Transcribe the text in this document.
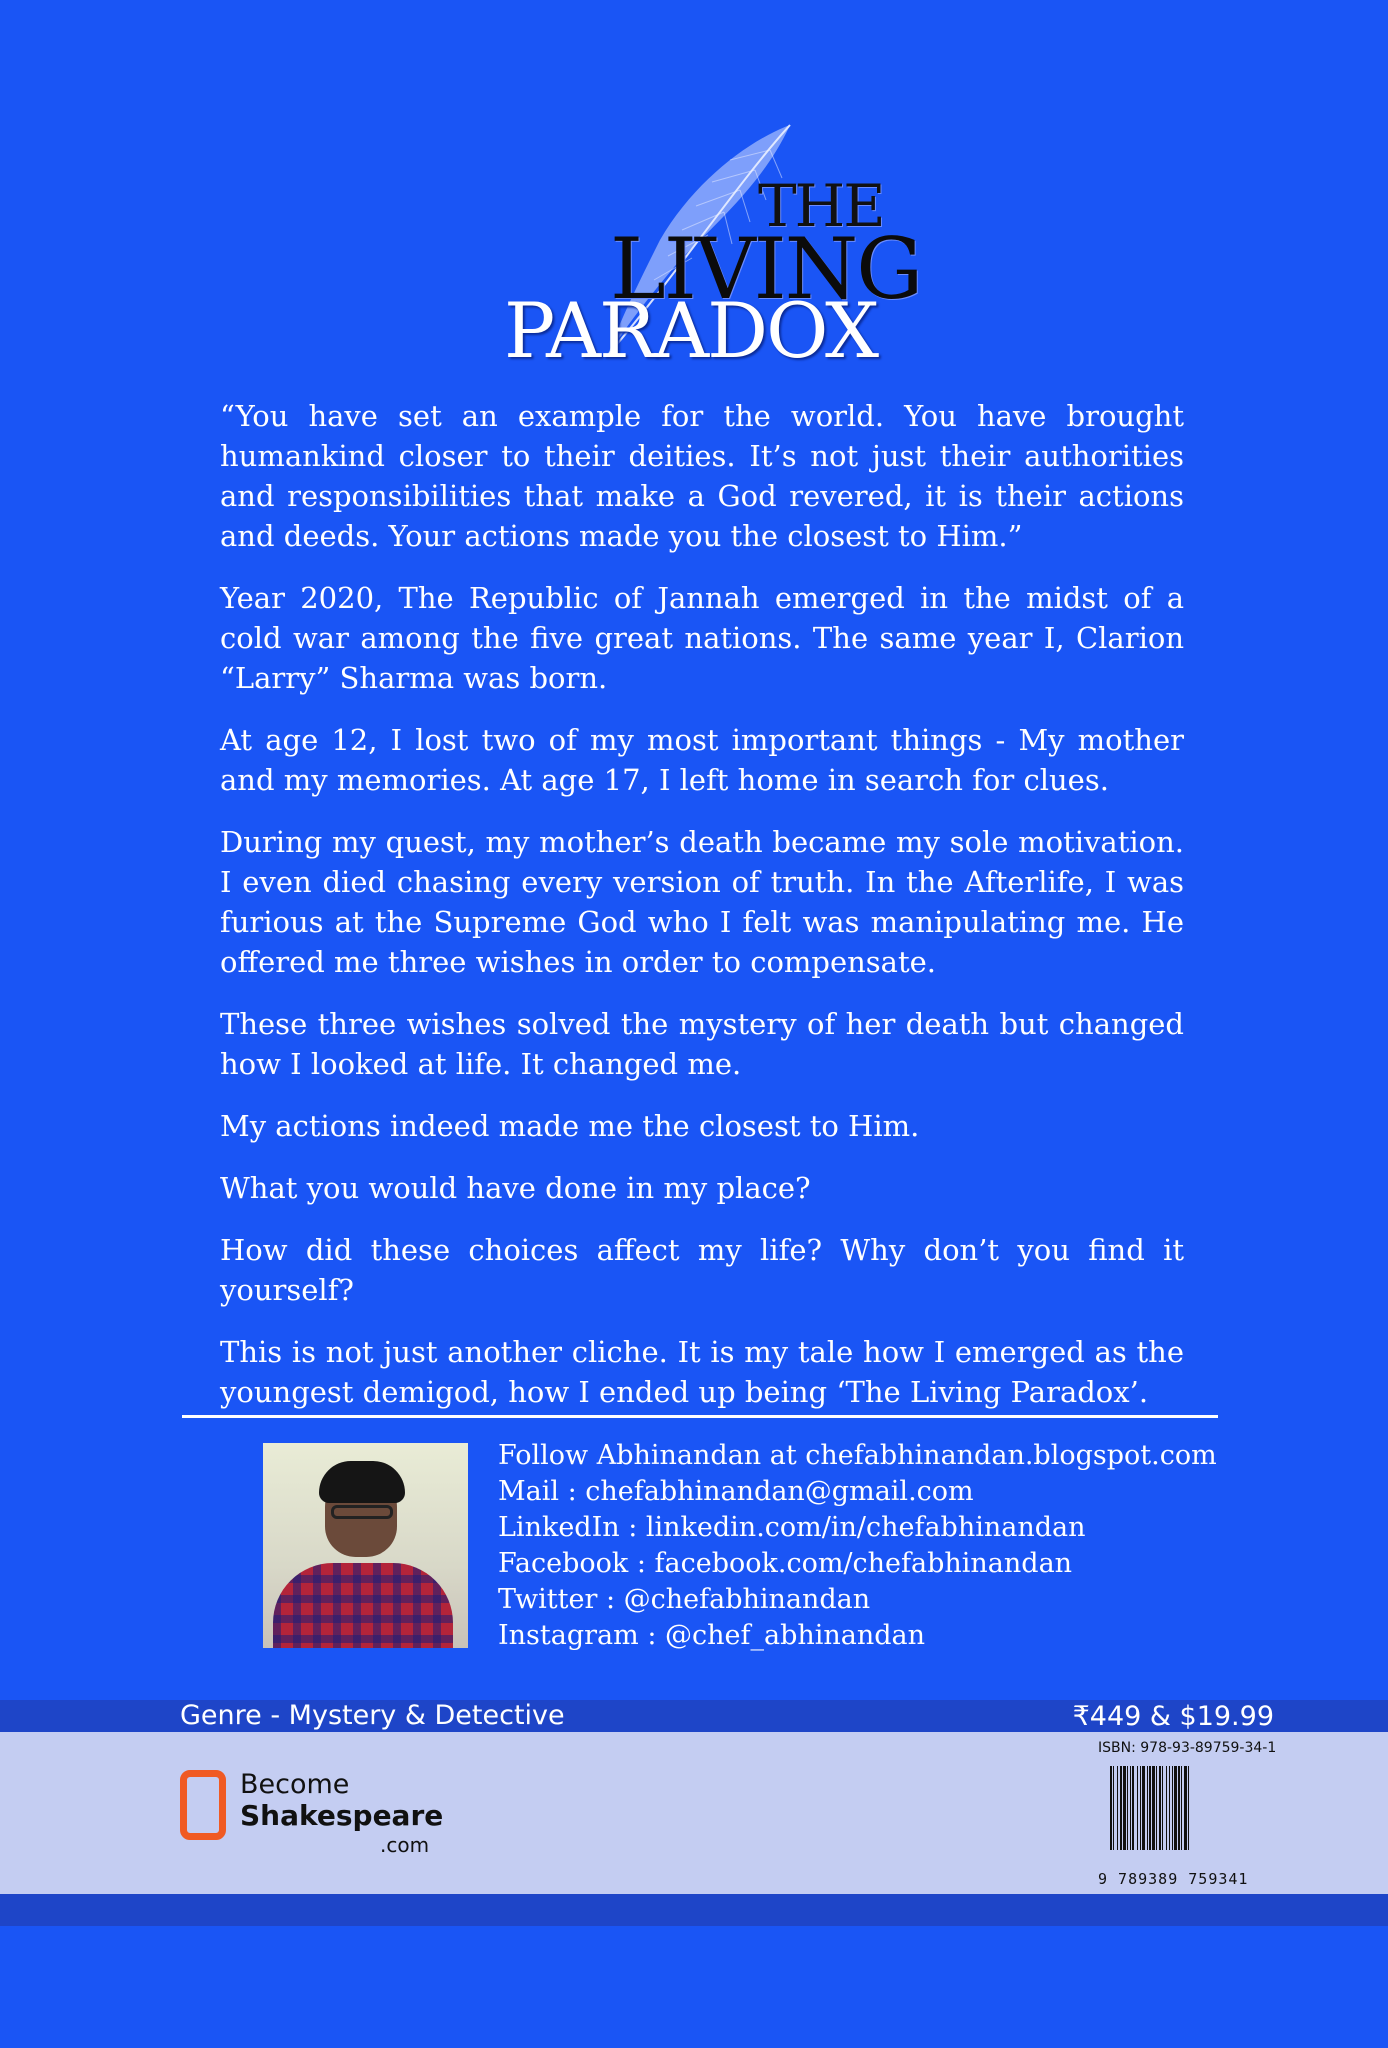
THE
LIVING
PARADOX

“You have set an example for the world. You have brought humankind closer to their deities. It’s not just their authorities and responsibilities that make a God revered, it is their actions and deeds. Your actions made you the closest to Him.”

Year 2020, The Republic of Jannah emerged in the midst of a cold war among the five great nations. The same year I, Clarion “Larry” Sharma was born.

At age 12, I lost two of my most important things - My mother and my memories. At age 17, I left home in search for clues.

During my quest, my mother’s death became my sole motivation. I even died chasing every version of truth. In the Afterlife, I was furious at the Supreme God who I felt was manipulating me. He offered me three wishes in order to compensate.

These three wishes solved the mystery of her death but changed how I looked at life. It changed me.

My actions indeed made me the closest to Him.

What you would have done in my place?

How did these choices affect my life? Why don’t you find it yourself?

This is not just another cliche. It is my tale how I emerged as the youngest demigod, how I ended up being ‘The Living Paradox’.

Follow Abhinandan at chefabhinandan.blogspot.com
Mail : chefabhinandan@gmail.com
LinkedIn : linkedin.com/in/chefabhinandan
Facebook : facebook.com/chefabhinandan
Twitter : @chefabhinandan
Instagram : @chef_abhinandan
Genre - Mystery & Detective	₹449 & $19.99
Become
Shakespeare
.com
ISBN: 978-93-89759-34-1
9 789389 759341
